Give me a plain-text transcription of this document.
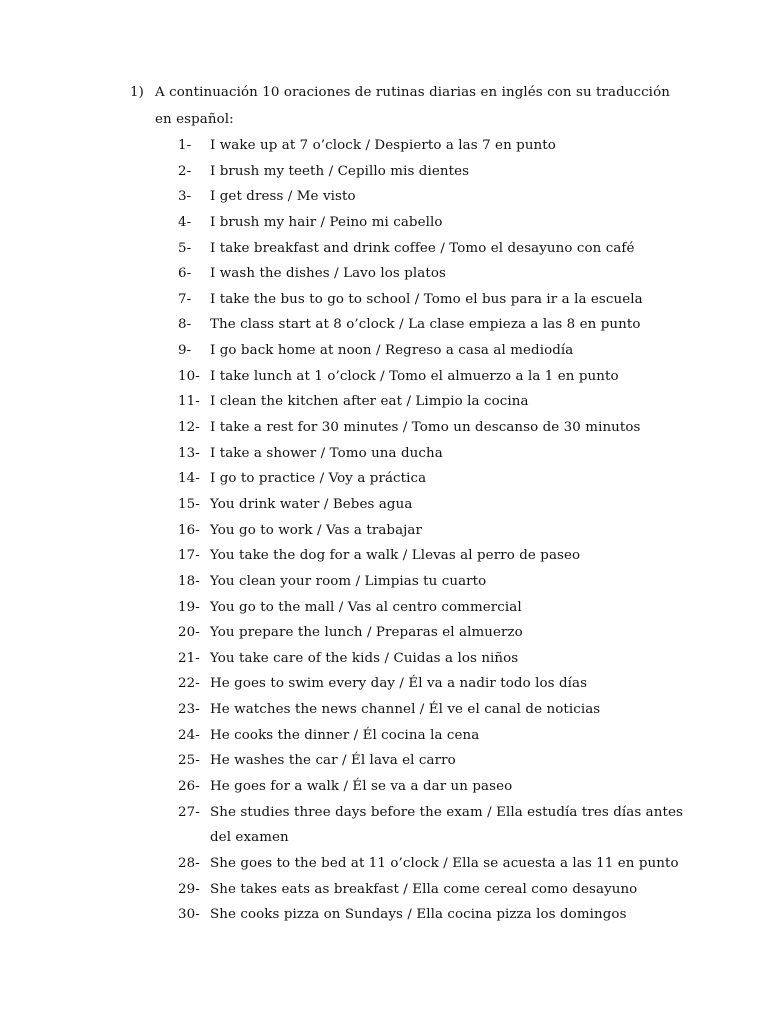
1) A continuación 10 oraciones de rutinas diarias en inglés con su traducción
en español:
1- I wake up at 7 o’clock / Despierto a las 7 en punto
2- I brush my teeth / Cepillo mis dientes
3- I get dress / Me visto
4- I brush my hair / Peino mi cabello
5- I take breakfast and drink coffee / Tomo el desayuno con café
6- I wash the dishes / Lavo los platos
7- I take the bus to go to school / Tomo el bus para ir a la escuela
8- The class start at 8 o’clock / La clase empieza a las 8 en punto
9- I go back home at noon / Regreso a casa al mediodía
10- I take lunch at 1 o’clock / Tomo el almuerzo a la 1 en punto
11- I clean the kitchen after eat / Limpio la cocina
12- I take a rest for 30 minutes / Tomo un descanso de 30 minutos
13- I take a shower / Tomo una ducha
14- I go to practice / Voy a práctica
15- You drink water / Bebes agua
16- You go to work / Vas a trabajar
17- You take the dog for a walk / Llevas al perro de paseo
18- You clean your room / Limpias tu cuarto
19- You go to the mall / Vas al centro commercial
20- You prepare the lunch / Preparas el almuerzo
21- You take care of the kids / Cuidas a los niños
22- He goes to swim every day / Él va a nadir todo los días
23- He watches the news channel / Él ve el canal de noticias
24- He cooks the dinner / Él cocina la cena
25- He washes the car / Él lava el carro
26- He goes for a walk / Él se va a dar un paseo
27- She studies three days before the exam / Ella estudía tres días antes
del examen
28- She goes to the bed at 11 o’clock / Ella se acuesta a las 11 en punto
29- She takes eats as breakfast / Ella come cereal como desayuno
30- She cooks pizza on Sundays / Ella cocina pizza los domingos
